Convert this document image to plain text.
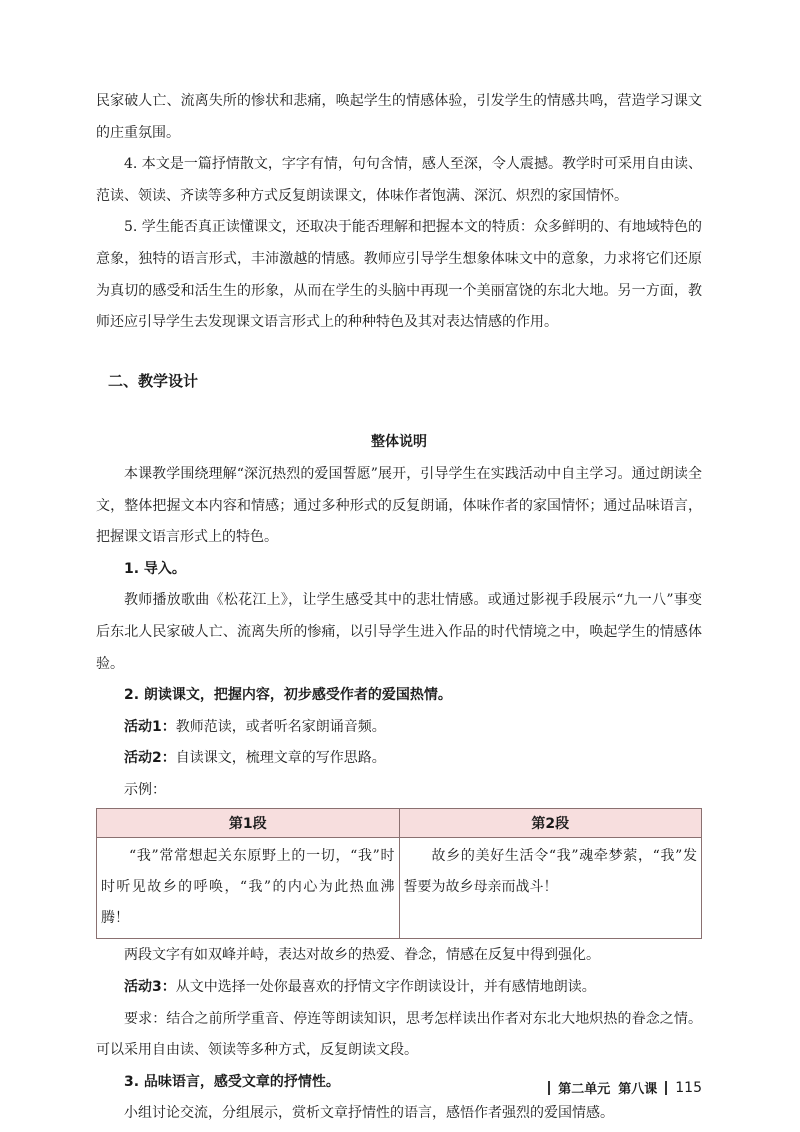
民家破人亡、流离失所的惨状和悲痛，唤起学生的情感体验，引发学生的情感共鸣，营造学习课文的庄重氛围。

4. 本文是一篇抒情散文，字字有情，句句含情，感人至深，令人震撼。教学时可采用自由读、范读、领读、齐读等多种方式反复朗读课文，体味作者饱满、深沉、炽烈的家国情怀。

5. 学生能否真正读懂课文，还取决于能否理解和把握本文的特质：众多鲜明的、有地域特色的意象，独特的语言形式，丰沛激越的情感。教师应引导学生想象体味文中的意象，力求将它们还原为真切的感受和活生生的形象，从而在学生的头脑中再现一个美丽富饶的东北大地。另一方面，教师还应引导学生去发现课文语言形式上的种种特色及其对表达情感的作用。

二、教学设计
整体说明

本课教学围绕理解“深沉热烈的爱国誓愿”展开，引导学生在实践活动中自主学习。通过朗读全文，整体把握文本内容和情感；通过多种形式的反复朗诵，体味作者的家国情怀；通过品味语言，把握课文语言形式上的特色。

1. 导入。

教师播放歌曲《松花江上》，让学生感受其中的悲壮情感。或通过影视手段展示“九一八”事变后东北人民家破人亡、流离失所的惨痛，以引导学生进入作品的时代情境之中，唤起学生的情感体验。

2. 朗读课文，把握内容，初步感受作者的爱国热情。

活动1：教师范读，或者听名家朗诵音频。

活动2：自读课文，梳理文章的写作思路。

示例：

第1段	第2段
“我”常常想起关东原野上的一切，“我”时时听见故乡的呼唤，“我”的内心为此热血沸腾！	故乡的美好生活令“我”魂牵梦萦，“我”发誓要为故乡母亲而战斗！

两段文字有如双峰并峙，表达对故乡的热爱、眷念，情感在反复中得到强化。

活动3：从文中选择一处你最喜欢的抒情文字作朗读设计，并有感情地朗读。

要求：结合之前所学重音、停连等朗读知识，思考怎样读出作者对东北大地炽热的眷念之情。可以采用自由读、领读等多种方式，反复朗读文段。

3. 品味语言，感受文章的抒情性。

小组讨论交流，分组展示，赏析文章抒情性的语言，感悟作者强烈的爱国情感。

第二单元 第八课 115
